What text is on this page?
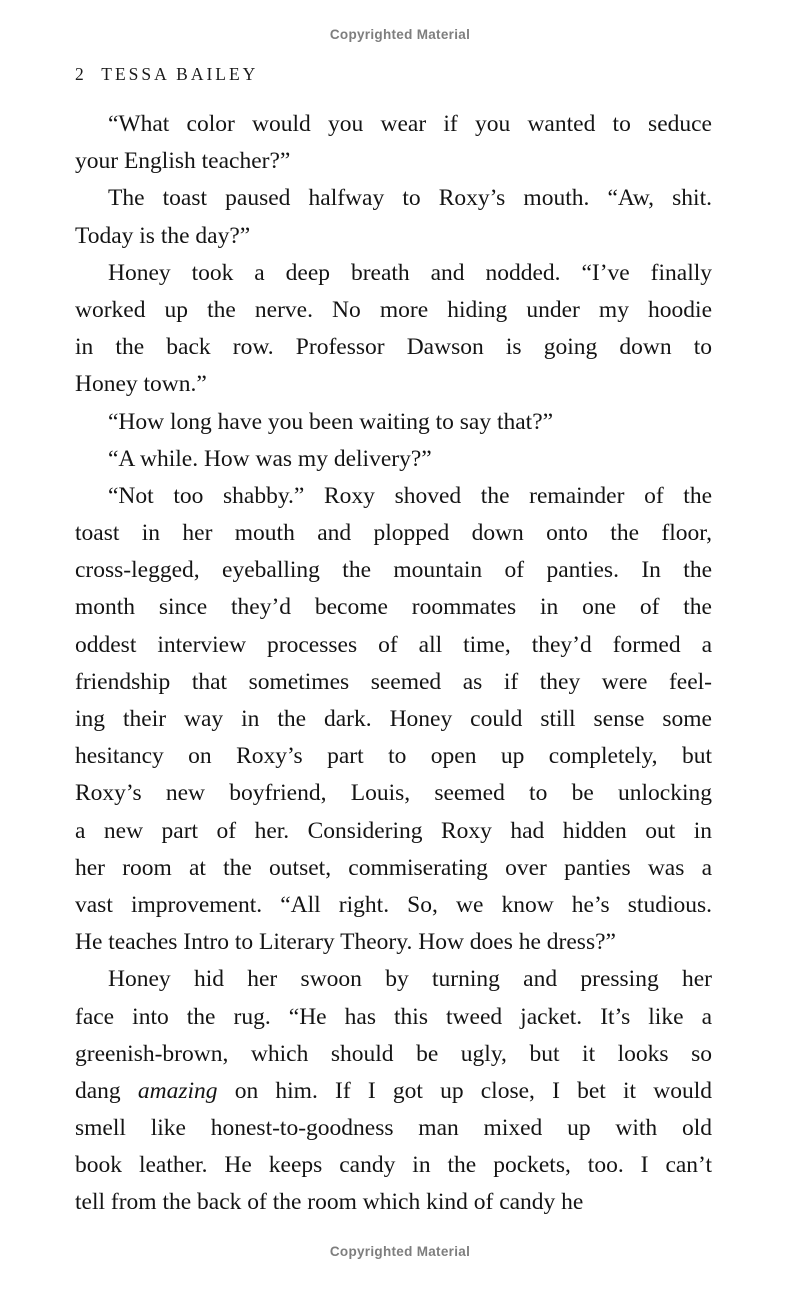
Copyrighted Material
2 TESSA BAILEY
“What color would you wear if you wanted to seduce
your English teacher?”
The toast paused halfway to Roxy’s mouth. “Aw, shit.
Today is the day?”
Honey took a deep breath and nodded. “I’ve finally
worked up the nerve. No more hiding under my hoodie
in the back row. Professor Dawson is going down to
Honey town.”
“How long have you been waiting to say that?”
“A while. How was my delivery?”
“Not too shabby.” Roxy shoved the remainder of the
toast in her mouth and plopped down onto the floor,
cross-legged, eyeballing the mountain of panties. In the
month since they’d become roommates in one of the
oddest interview processes of all time, they’d formed a
friendship that sometimes seemed as if they were feel-
ing their way in the dark. Honey could still sense some
hesitancy on Roxy’s part to open up completely, but
Roxy’s new boyfriend, Louis, seemed to be unlocking
a new part of her. Considering Roxy had hidden out in
her room at the outset, commiserating over panties was a
vast improvement. “All right. So, we know he’s studious.
He teaches Intro to Literary Theory. How does he dress?”
Honey hid her swoon by turning and pressing her
face into the rug. “He has this tweed jacket. It’s like a
greenish-brown, which should be ugly, but it looks so
dang amazing on him. If I got up close, I bet it would
smell like honest-to-goodness man mixed up with old
book leather. He keeps candy in the pockets, too. I can’t
tell from the back of the room which kind of candy he
Copyrighted Material
